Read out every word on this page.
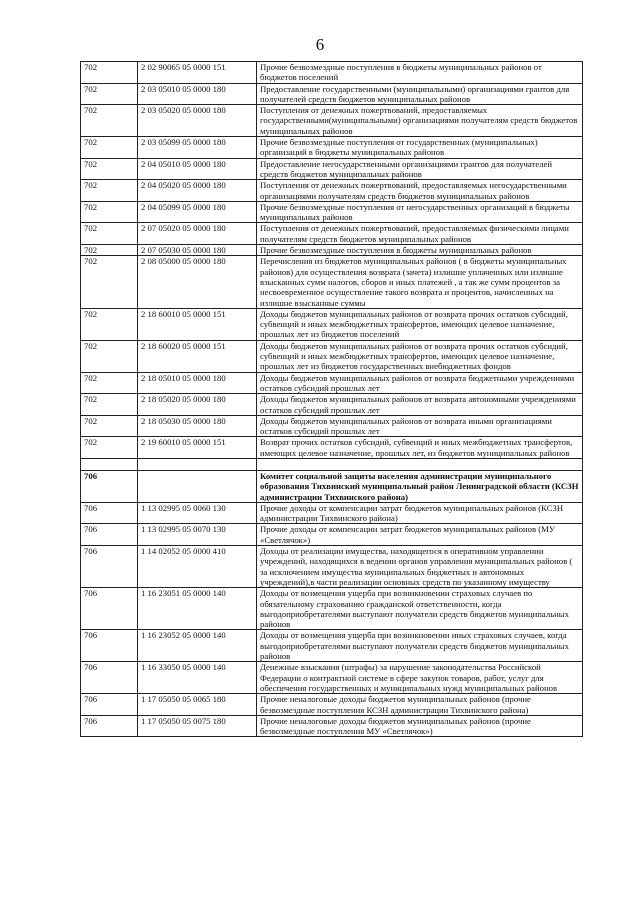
6
702	2 02 90065 05 0000 151	Прочие безвозмездные поступления в бюджеты муниципальных районов от бюджетов поселений
702	2 03 05010 05 0000 180	Предоставление государственными (муниципальными) организациями грантов для получателей средств бюджетов муниципальных районов
702	2 03 05020 05 0000 180	Поступления от денежных пожертвований, предоставляемых государственными(муниципальными) организациями получателям средств бюджетов муниципальных районов
702	2 03 05099 05 0000 180	Прочие безвозмездные поступления от государственных (муниципальных) организаций в бюджеты муниципальных районов
702	2 04 05010 05 0000 180	Предоставление негосударственными организациями грантов для получателей средств бюджетов муниципальных районов
702	2 04 05020 05 0000 180	Поступления от денежных пожертвований, предоставляемых негосударственными организациями получателям средств бюджетов муниципальных районов
702	2 04 05099 05 0000 180	Прочие безвозмездные поступления от негосударственных организаций в бюджеты муниципальных районов
702	2 07 05020 05 0000 180	Поступления от денежных пожертвований, предоставляемых физическими лицами получателям средств бюджетов муниципальных районов
702	2 07 05030 05 0000 180	Прочие безвозмездные поступления в бюджеты муниципальных районов
702	2 08 05000 05 0000 180	Перечисления из бюджетов муниципальных районов ( в бюджеты муниципальных районов) для осуществления возврата (зачета) излишне уплаченных или излишне взысканных сумм налогов, сборов и иных платежей , а так же сумм процентов за несвоевременное осуществление такого возврата и процентов, начисленных на излишне взысканные суммы
702	2 18 60010 05 0000 151	Доходы бюджетов муниципальных районов от возврата прочих остатков субсидий, субвенций и иных межбюджетных трансфертов, имеющих целевое назначение, прошлых лет из бюджетов поселений
702	2 18 60020 05 0000 151	Доходы бюджетов муниципальных районов от возврата прочих остатков субсидий, субвенций и иных межбюджетных трансфертов, имеющих целевое назначение, прошлых лет из бюджетов государственных внебюджетных фондов
702	2 18 05010 05 0000 180	Доходы бюджетов муниципальных районов от возврата бюджетными учреждениями остатков субсидий прошлых лет
702	2 18 05020 05 0000 180	Доходы бюджетов муниципальных районов от возврата автономными учреждениями остатков субсидий прошлых лет
702	2 18 05030 05 0000 180	Доходы бюджетов муниципальных районов от возврата иными организациями остатков субсидий прошлых лет
702	2 19 60010 05 0000 151	Возврат прочих остатков субсидий, субвенций и иных межбюджетных трансфертов, имеющих целевое назначение, прошлых лет, из бюджетов муниципальных районов

706		Комитет социальной защиты населения администрации муниципального образования Тихвинский муниципальный район Ленинградской области (КСЗН администрации Тихвинского района)
706	1 13 02995 05 0060 130	Прочие доходы от компенсации затрат бюджетов муниципальных районов (КСЗН администрации Тихвинского района)
706	1 13 02995 05 0070 130	Прочие доходы от компенсации затрат бюджетов муниципальных районов (МУ «Светлячок»)
706	1 14 02052 05 0000 410	Доходы от реализации имущества, находящегося в оперативном управлении учреждений, находящихся в ведении органов управления муниципальных районов ( за исключением имущества муниципальных бюджетных и автономных учреждений),в части реализации основных средств по указанному имуществу
706	1 16 23051 05 0000 140	Доходы от возмещения ущерба при возникновении страховых случаев по обязательному страхованию гражданской ответственности, когда выгодоприобретателями выступают получатели средств бюджетов муниципальных районов
706	1 16 23052 05 0000 140	Доходы от возмещения ущерба при возникновении иных страховых случаев, когда выгодоприобретателями выступают получатели средств бюджетов муниципальных районов
706	1 16 33050 05 0000 140	Денежные взыскания (штрафы) за нарушение законодательства Российской Федерации о контрактной системе в сфере закупок товаров, работ, услуг для обеспечения государственных и муниципальных нужд муниципальных районов
706	1 17 05050 05 0065 180	Прочие неналоговые доходы бюджетов муниципальных районов (прочие безвозмездные поступления КСЗН администрации Тихвинского района)
706	1 17 05050 05 0075 180	Прочие неналоговые доходы бюджетов муниципальных районов (прочие безвозмездные поступления МУ «Светлячок»)
